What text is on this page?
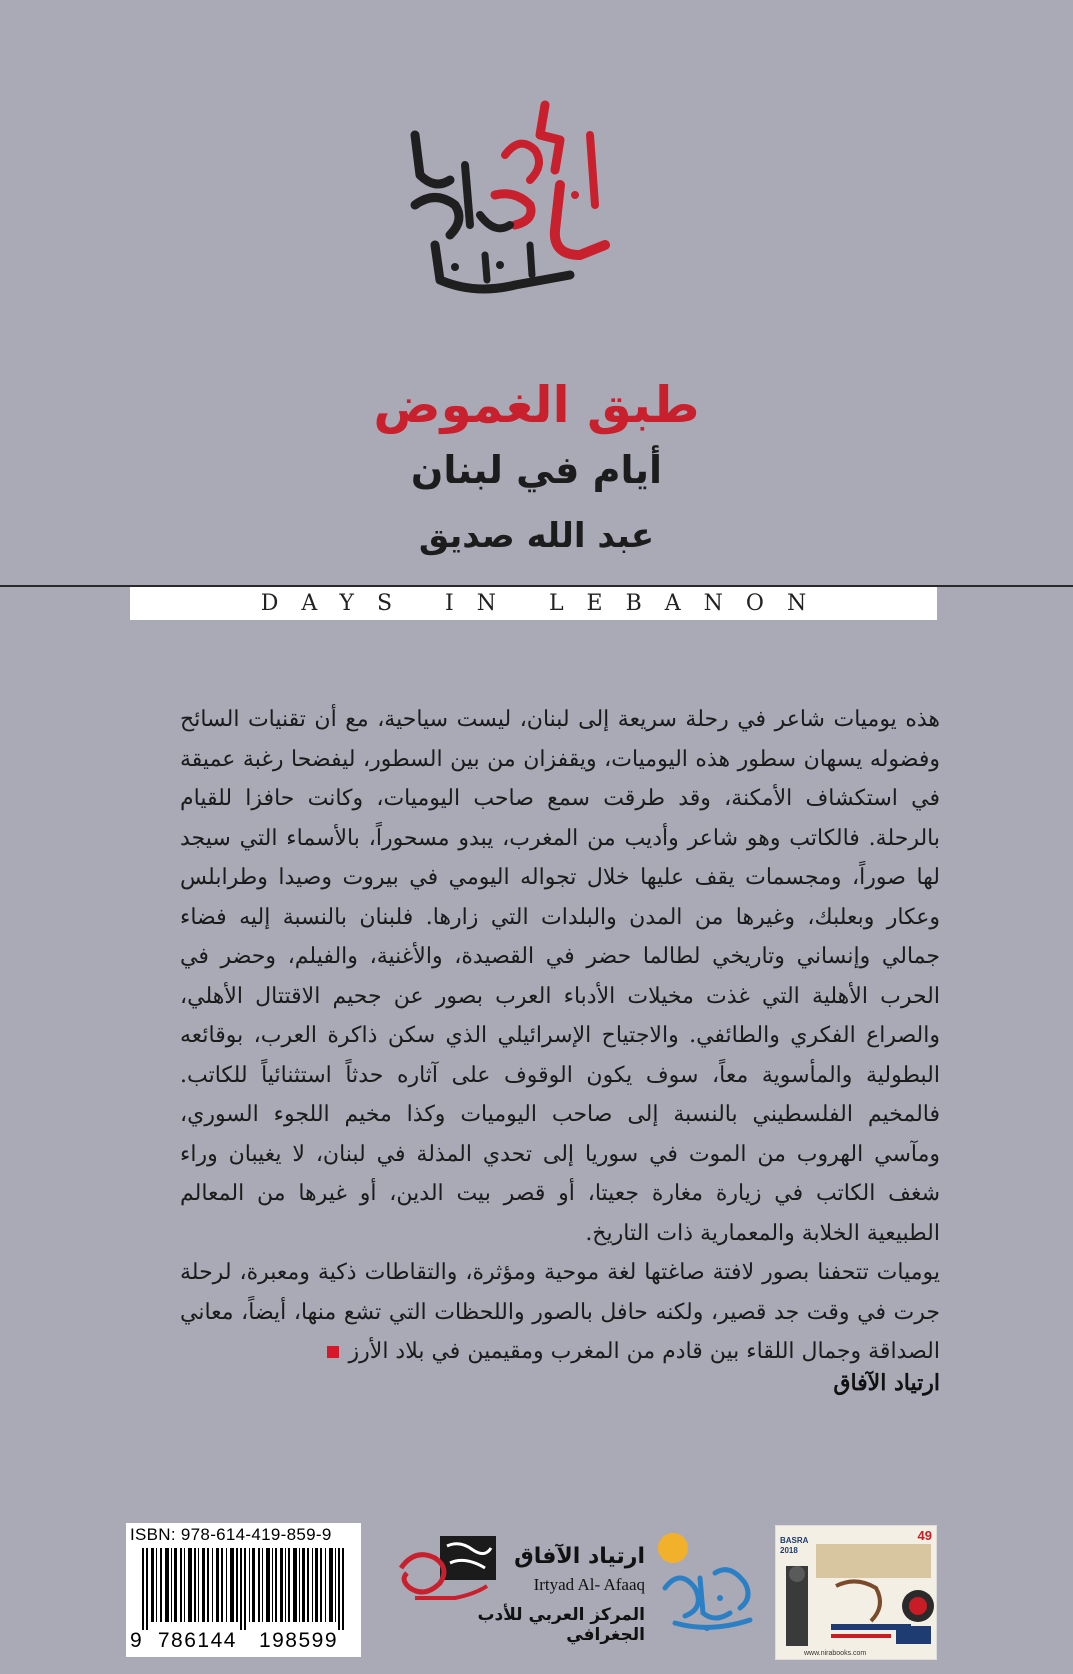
طبق الغموض
أيام في لبنان
عبد الله صديق
DAYS IN LEBANON

هذه يوميات شاعر في رحلة سريعة إلى لبنان، ليست سياحية، مع أن تقنيات السائح وفضوله يسهان سطور هذه اليوميات، ويقفزان من بين السطور، ليفضحا رغبة عميقة في استكشاف الأمكنة، وقد طرقت سمع صاحب اليوميات، وكانت حافزا للقيام بالرحلة. فالكاتب وهو شاعر وأديب من المغرب، يبدو مسحوراً، بالأسماء التي سيجد لها صوراً، ومجسمات يقف عليها خلال تجواله اليومي في بيروت وصيدا وطرابلس وعكار وبعلبك، وغيرها من المدن والبلدات التي زارها. فلبنان بالنسبة إليه فضاء جمالي وإنساني وتاريخي لطالما حضر في القصيدة، والأغنية، والفيلم، وحضر في الحرب الأهلية التي غذت مخيلات الأدباء العرب بصور عن جحيم الاقتتال الأهلي، والصراع الفكري والطائفي. والاجتياح الإسرائيلي الذي سكن ذاكرة العرب، بوقائعه البطولية والمأسوية معاً، سوف يكون الوقوف على آثاره حدثاً استثنائياً للكاتب. فالمخيم الفلسطيني بالنسبة إلى صاحب اليوميات وكذا مخيم اللجوء السوري، ومآسي الهروب من الموت في سوريا إلى تحدي المذلة في لبنان، لا يغيبان وراء شغف الكاتب في زيارة مغارة جعيتا، أو قصر بيت الدين، أو غيرها من المعالم الطبيعية الخلابة والمعمارية ذات التاريخ.

يوميات تتحفنا بصور لافتة صاغتها لغة موحية ومؤثرة، والتقاطات ذكية ومعبرة، لرحلة جرت في وقت جد قصير، ولكنه حافل بالصور واللحظات التي تشع منها، أيضاً، معاني الصداقة وجمال اللقاء بين قادم من المغرب ومقيمين في بلاد الأرز

ارتياد الآفاق
ISBN: 978-614-419-859-9
9 786144 198599
ارتياد الآفاق
Irtyad Al- Afaaq
المركز العربي للأدب الجغرافي
49
BASRA
2018
www.nirabooks.com
